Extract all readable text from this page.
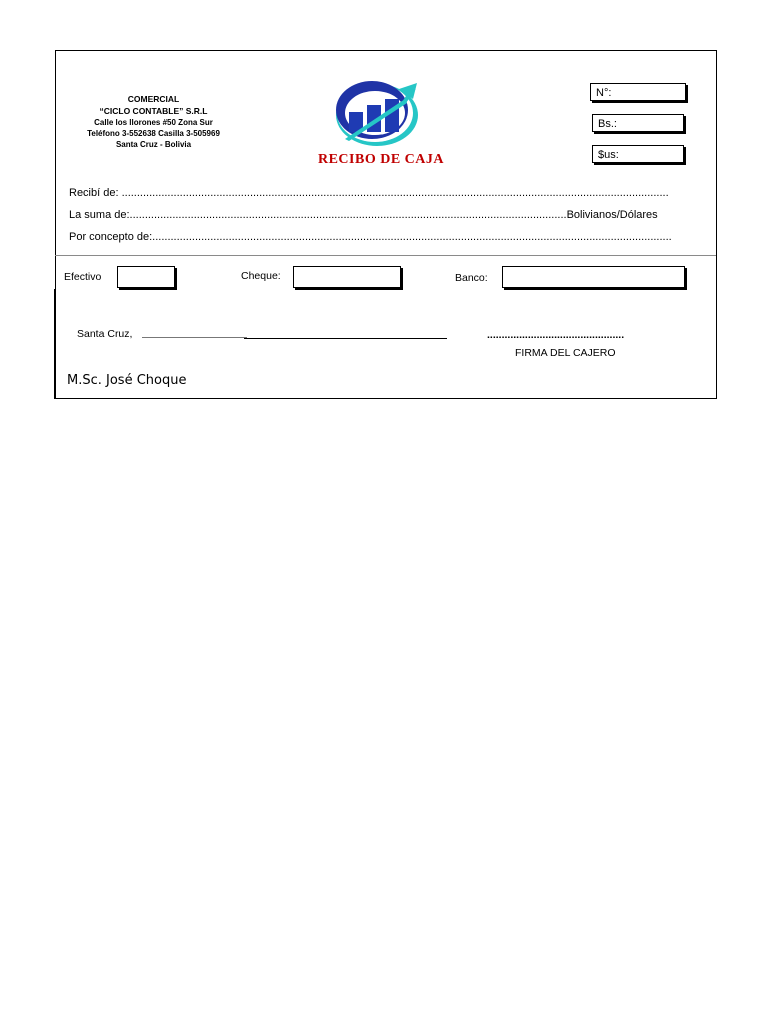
COMERCIAL
“CICLO CONTABLE” S.R.L
Calle los llorones #50 Zona Sur
Teléfono 3-552638 Casilla 3-505969
Santa Cruz - Bolivia
RECIBO DE CAJA
N°:
Bs.:
$us:
Recibí de: ...................................................................................................................................................................................
La suma de:...............................................................................................................................................Bolivianos/Dólares
Por concepto de:..........................................................................................................................................................................
Efectivo	Cheque:	Banco:
Santa Cruz,	...............................................
FIRMA DEL CAJERO
M.Sc. José Choque
